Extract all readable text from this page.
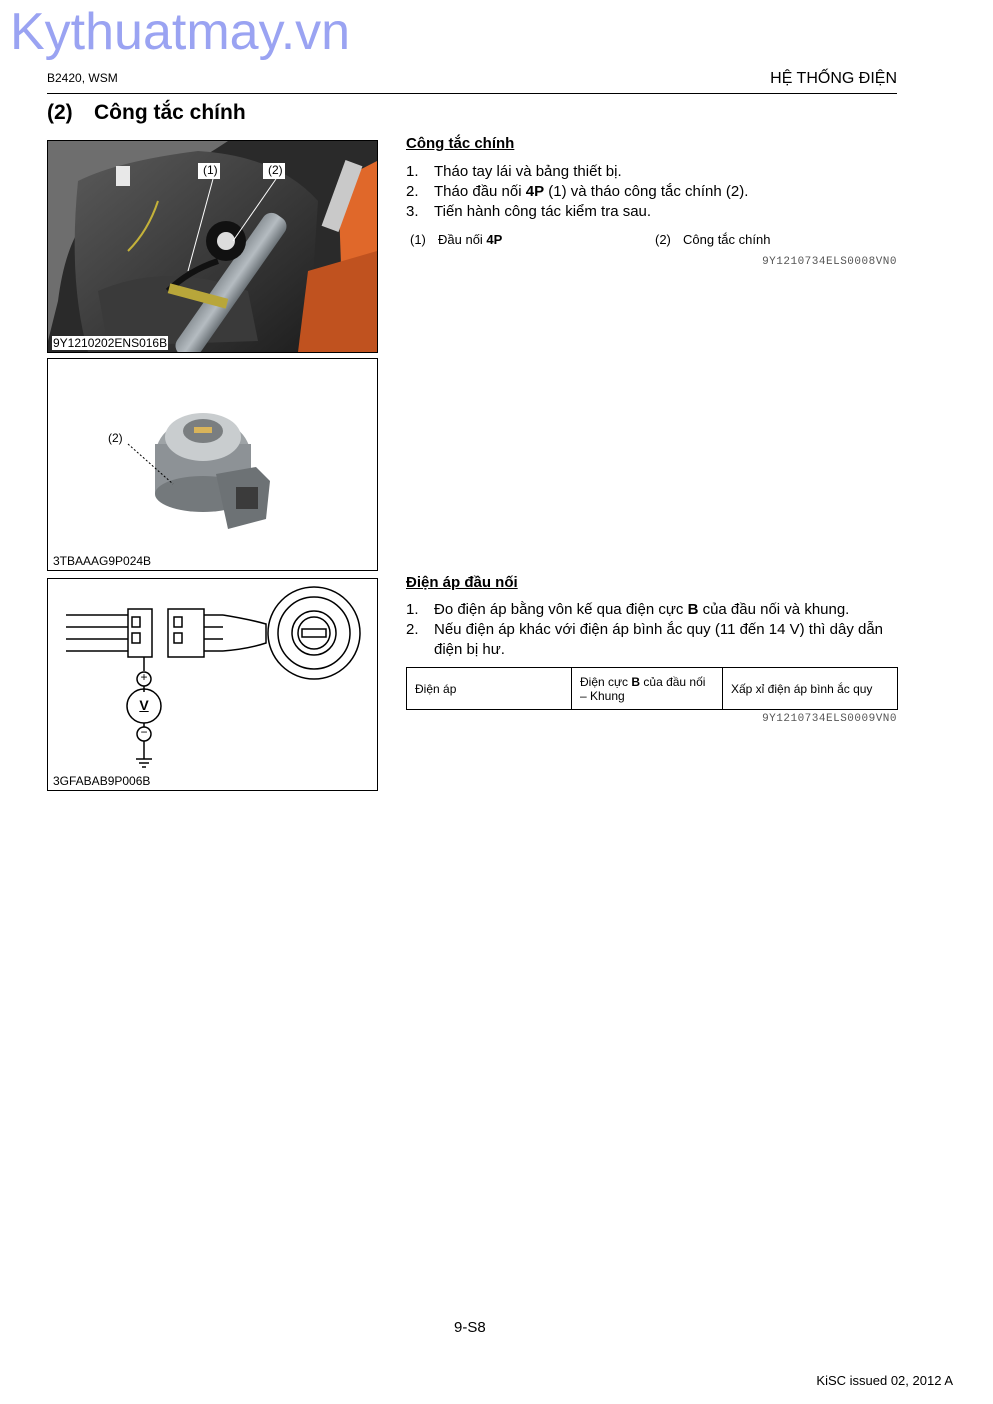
Kythuatmay.vn
B2420, WSM	HỆ THỐNG ĐIỆN
(2) Công tắc chính
(1)	(2)
9Y1210202ENS016B
(2)
3TBAAAG9P024B
+
V
−
3GFABAB9P006B
Công tắc chính
1.	Tháo tay lái và bảng thiết bị.
2.	Tháo đầu nối 4P (1) và tháo công tắc chính (2).
3.	Tiến hành công tác kiểm tra sau.
(1) Đầu nối 4P	(2) Công tắc chính
9Y1210734ELS0008VN0
Điện áp đầu nối
1.	Đo điện áp bằng vôn kế qua điện cực B của đầu nối và khung.
2.	Nếu điện áp khác với điện áp bình ắc quy (11 đến 14 V) thì dây dẫn điện bị hư.
Điện áp	Điện cực B của đầu nối – Khung	Xấp xỉ điện áp bình ắc quy
9Y1210734ELS0009VN0
9-S8
KiSC issued 02, 2012 A
